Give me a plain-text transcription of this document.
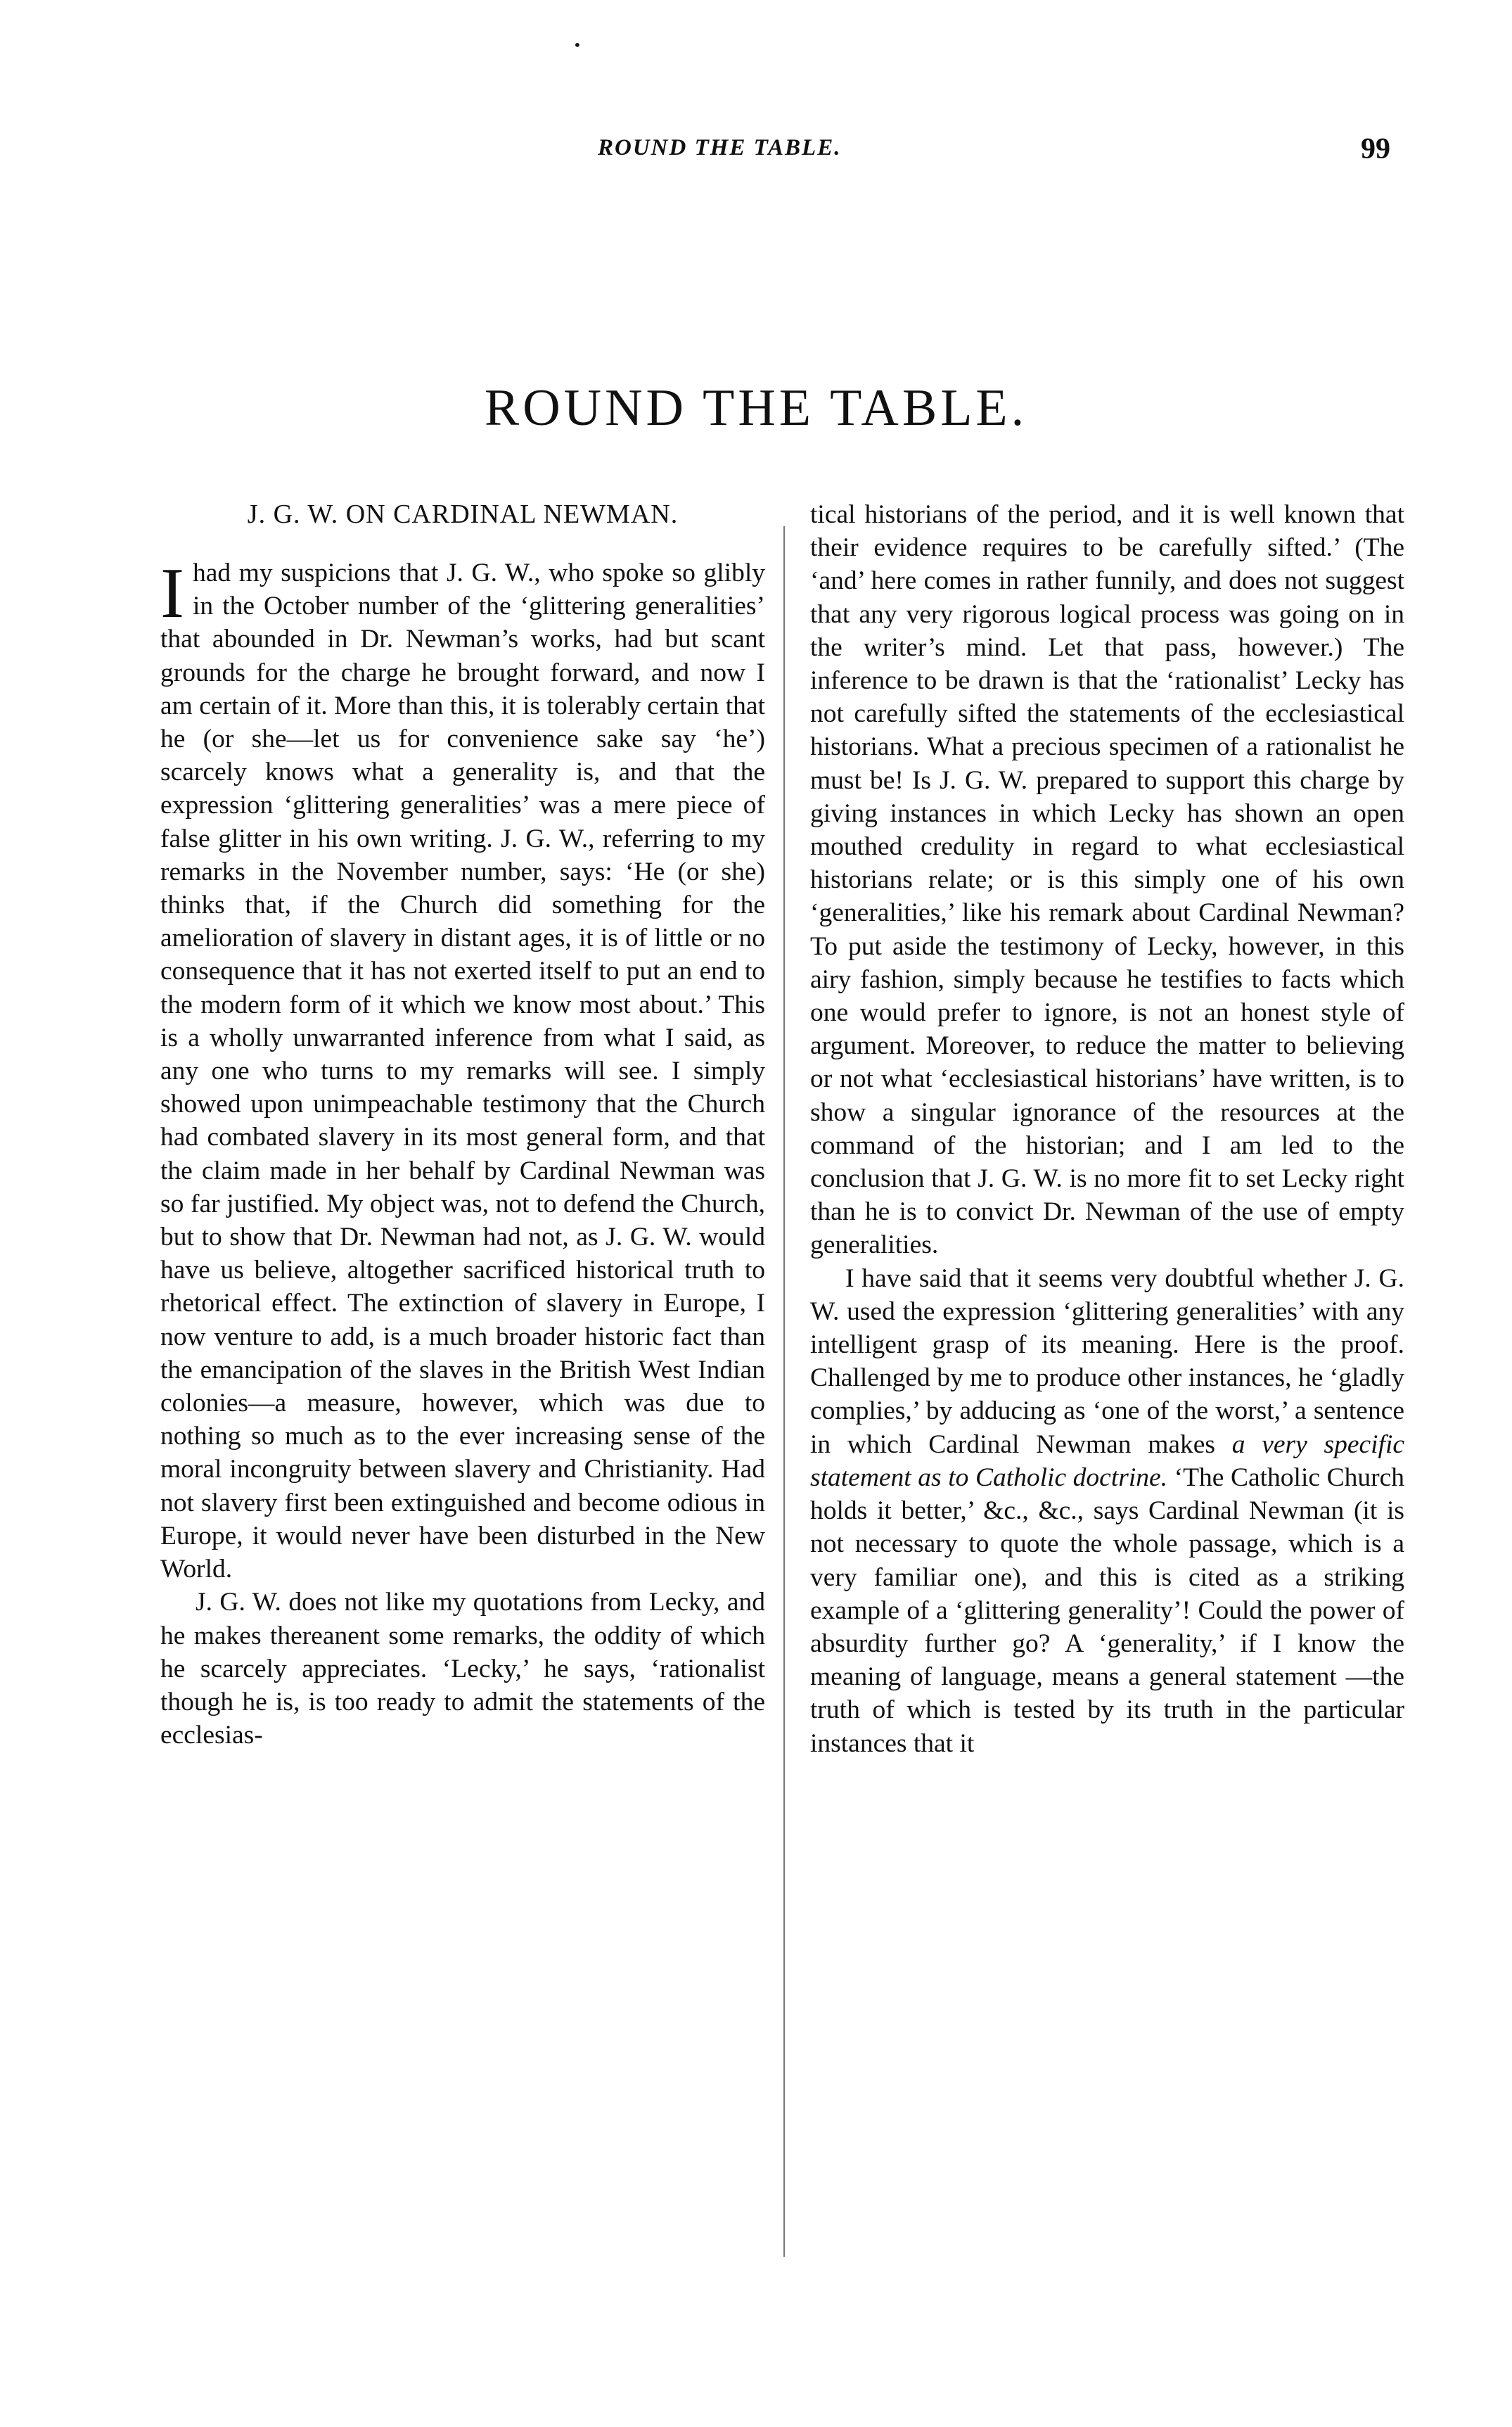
•
ROUND THE TABLE.	99
ROUND THE TABLE.
J. G. W. ON CARDINAL NEWMAN.

Ihad my suspicions that J. G. W., who spoke so glibly in the October number of the ‘glittering generalities’ that abounded in Dr. Newman’s works, had but scant grounds for the charge he brought forward, and now I am certain of it. More than this, it is tolerably certain that he (or she—let us for convenience sake say ‘he’) scarcely knows what a generality is, and that the expression ‘glittering generalities’ was a mere piece of false glitter in his own writing. J. G. W., referring to my remarks in the November number, says: ‘He (or she) thinks that, if the Church did something for the amelioration of slavery in distant ages, it is of little or no consequence that it has not exerted itself to put an end to the modern form of it which we know most about.’ This is a wholly unwarranted inference from what I said, as any one who turns to my remarks will see. I simply showed upon unimpeachable testimony that the Church had combated slavery in its most general form, and that the claim made in her behalf by Cardinal Newman was so far justified. My object was, not to defend the Church, but to show that Dr. Newman had not, as J. G. W. would have us believe, altogether sacrificed historical truth to rhetorical effect. The extinction of slavery in Europe, I now venture to add, is a much broader historic fact than the emancipation of the slaves in the British West Indian colonies—a measure, however, which was due to nothing so much as to the ever increasing sense of the moral incongruity between slavery and Christianity. Had not slavery first been extinguished and become odious in Europe, it would never have been disturbed in the New World.

J. G. W. does not like my quotations from Lecky, and he makes thereanent some remarks, the oddity of which he scarcely appreciates. ‘Lecky,’ he says, ‘rationalist though he is, is too ready to admit the statements of the ecclesias-

tical historians of the period, and it is well known that their evidence requires to be carefully sifted.’ (The ‘and’ here comes in rather funnily, and does not suggest that any very rigorous logical process was going on in the writer’s mind. Let that pass, however.) The inference to be drawn is that the ‘rationalist’ Lecky has not carefully sifted the statements of the ecclesiastical historians. What a precious specimen of a rationalist he must be! Is J. G. W. prepared to support this charge by giving instances in which Lecky has shown an open mouthed credulity in regard to what ecclesiastical historians relate; or is this simply one of his own ‘generalities,’ like his remark about Cardinal Newman? To put aside the testimony of Lecky, however, in this airy fashion, simply because he testifies to facts which one would prefer to ignore, is not an honest style of argument. Moreover, to reduce the matter to believing or not what ‘ecclesiastical historians’ have written, is to show a singular ignorance of the resources at the command of the historian; and I am led to the conclusion that J. G. W. is no more fit to set Lecky right than he is to convict Dr. Newman of the use of empty generalities.

I have said that it seems very doubtful whether J. G. W. used the expression ‘glittering generalities’ with any intelligent grasp of its meaning. Here is the proof. Challenged by me to produce other instances, he ‘gladly complies,’ by adducing as ‘one of the worst,’ a sentence in which Cardinal Newman makes a very specific statement as to Catholic doctrine. ‘The Catholic Church holds it better,’ &c., &c., says Cardinal Newman (it is not necessary to quote the whole passage, which is a very familiar one), and this is cited as a striking example of a ‘glittering generality’! Could the power of absurdity further go? A ‘generality,’ if I know the meaning of language, means a general statement —the truth of which is tested by its truth in the particular instances that it
